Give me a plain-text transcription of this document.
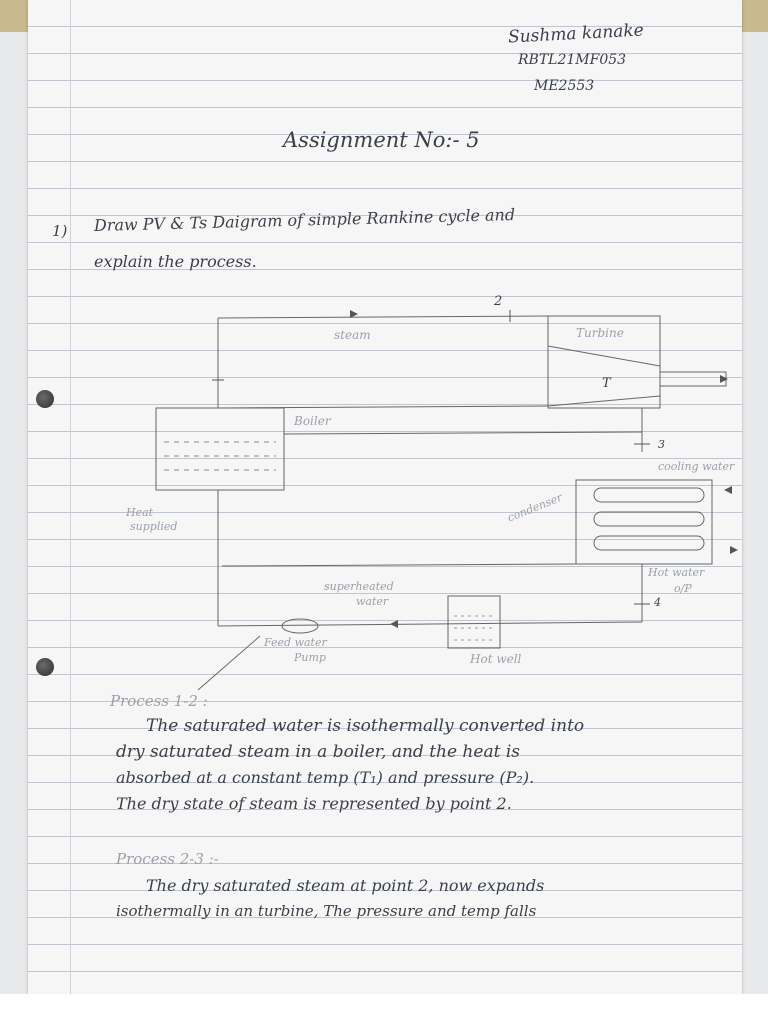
Sushma kanake
RBTL21MF053
ME2553
Assignment No:- 5
1) Draw PV & Ts Daigram of simple Rankine cycle and
explain the process.
2
steam	Turbine
T
Boiler
3
cooling water
Heat
supplied
condenser
superheated
water
Hot water
o/P
4
Feed water
Pump	Hot well
Process 1-2 :
The saturated water is isothermally converted into
dry saturated steam in a boiler, and the heat is
absorbed at a constant temp (T₁) and pressure (P₂).
The dry state of steam is represented by point 2.
Process 2-3 :-
The dry saturated steam at point 2, now expands
isothermally in an turbine, The pressure and temp falls
